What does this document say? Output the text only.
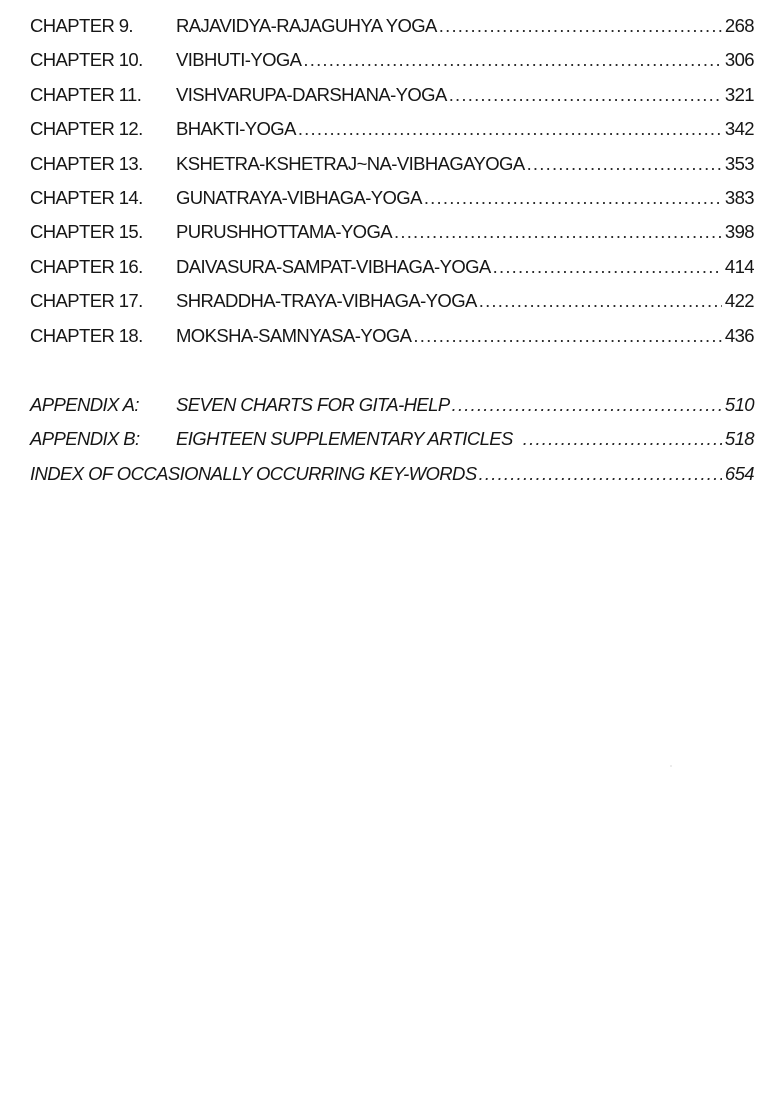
CHAPTER 9.	RAJAVIDYA-RAJAGUHYA YOGA .....	268
CHAPTER 10.	VIBHUTI-YOGA .....	306
CHAPTER 11.	VISHVARUPA-DARSHANA-YOGA .....	321
CHAPTER 12.	BHAKTI-YOGA .....	342
CHAPTER 13.	KSHETRA-KSHETRAJ~NA-VIBHAGAYOGA .....	353
CHAPTER 14.	GUNATRAYA-VIBHAGA-YOGA .....	383
CHAPTER 15.	PURUSHHOTTAMA-YOGA .....	398
CHAPTER 16.	DAIVASURA-SAMPAT-VIBHAGA-YOGA .....	414
CHAPTER 17.	SHRADDHA-TRAYA-VIBHAGA-YOGA .....	422
CHAPTER 18.	MOKSHA-SAMNYASA-YOGA .....	436
APPENDIX A:	SEVEN CHARTS FOR GITA-HELP .....	510
APPENDIX B:	EIGHTEEN SUPPLEMENTARY ARTICLES .....	518
INDEX OF OCCASIONALLY OCCURRING KEY-WORDS .....	654
